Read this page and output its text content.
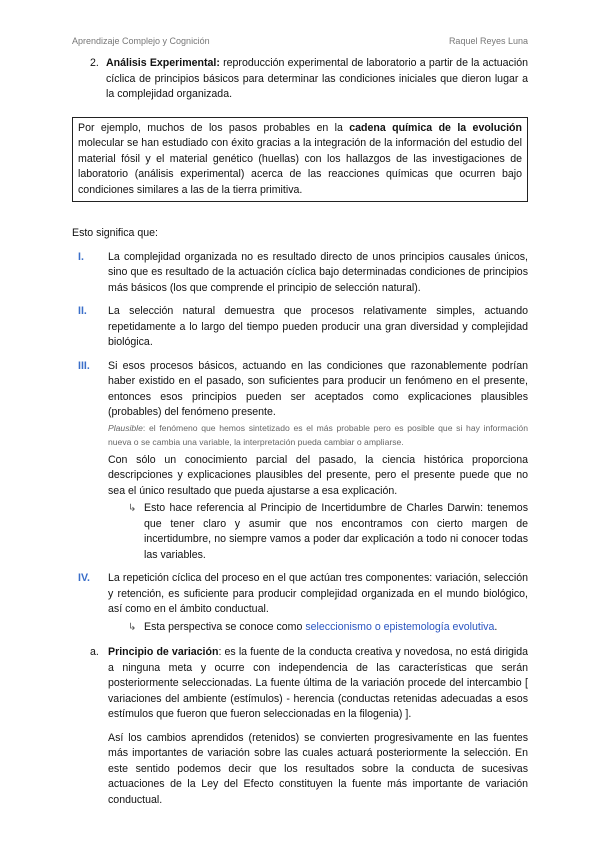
Aprendizaje Complejo y Cognición	Raquel Reyes Luna
2. Análisis Experimental: reproducción experimental de laboratorio a partir de la actuación cíclica de principios básicos para determinar las condiciones iniciales que dieron lugar a la complejidad organizada.
Por ejemplo, muchos de los pasos probables en la cadena química de la evolución molecular se han estudiado con éxito gracias a la integración de la información del estudio del material fósil y el material genético (huellas) con los hallazgos de las investigaciones de laboratorio (análisis experimental) acerca de las reacciones químicas que ocurren bajo condiciones similares a las de la tierra primitiva.
Esto significa que:
I.	La complejidad organizada no es resultado directo de unos principios causales únicos, sino que es resultado de la actuación cíclica bajo determinadas condiciones de principios más básicos (los que comprende el principio de selección natural).
II.	La selección natural demuestra que procesos relativamente simples, actuando repetidamente a lo largo del tiempo pueden producir una gran diversidad y complejidad biológica.
III.	Si esos procesos básicos, actuando en las condiciones que razonablemente podrían haber existido en el pasado, son suficientes para producir un fenómeno en el presente, entonces esos principios pueden ser aceptados como explicaciones plausibles (probables) del fenómeno presente.

Plausible: el fenómeno que hemos sintetizado es el más probable pero es posible que si hay información nueva o se cambia una variable, la interpretación pueda cambiar o ampliarse.

Con sólo un conocimiento parcial del pasado, la ciencia histórica proporciona descripciones y explicaciones plausibles del presente, pero el presente puede que no sea el único resultado que pueda ajustarse a esa explicación.

↳ Esto hace referencia al Principio de Incertidumbre de Charles Darwin: tenemos que tener claro y asumir que nos encontramos con cierto margen de incertidumbre, no siempre vamos a poder dar explicación a todo ni conocer todas las variables.
IV.	La repetición cíclica del proceso en el que actúan tres componentes: variación, selección y retención, es suficiente para producir complejidad organizada en el mundo biológico, así como en el ámbito conductual.

↳ Esta perspectiva se conoce como seleccionismo o epistemología evolutiva.
a. Principio de variación: es la fuente de la conducta creativa y novedosa, no está dirigida a ninguna meta y ocurre con independencia de las características que serán posteriormente seleccionadas. La fuente última de la variación procede del intercambio [ variaciones del ambiente (estímulos) - herencia (conductas retenidas adecuadas a esos estímulos que fueron que fueron seleccionadas en la filogenia) ].

Así los cambios aprendidos (retenidos) se convierten progresivamente en las fuentes más importantes de variación sobre las cuales actuará posteriormente la selección. En este sentido podemos decir que los resultados sobre la conducta de sucesivas actuaciones de la Ley del Efecto constituyen la fuente más importante de variación conductual.
